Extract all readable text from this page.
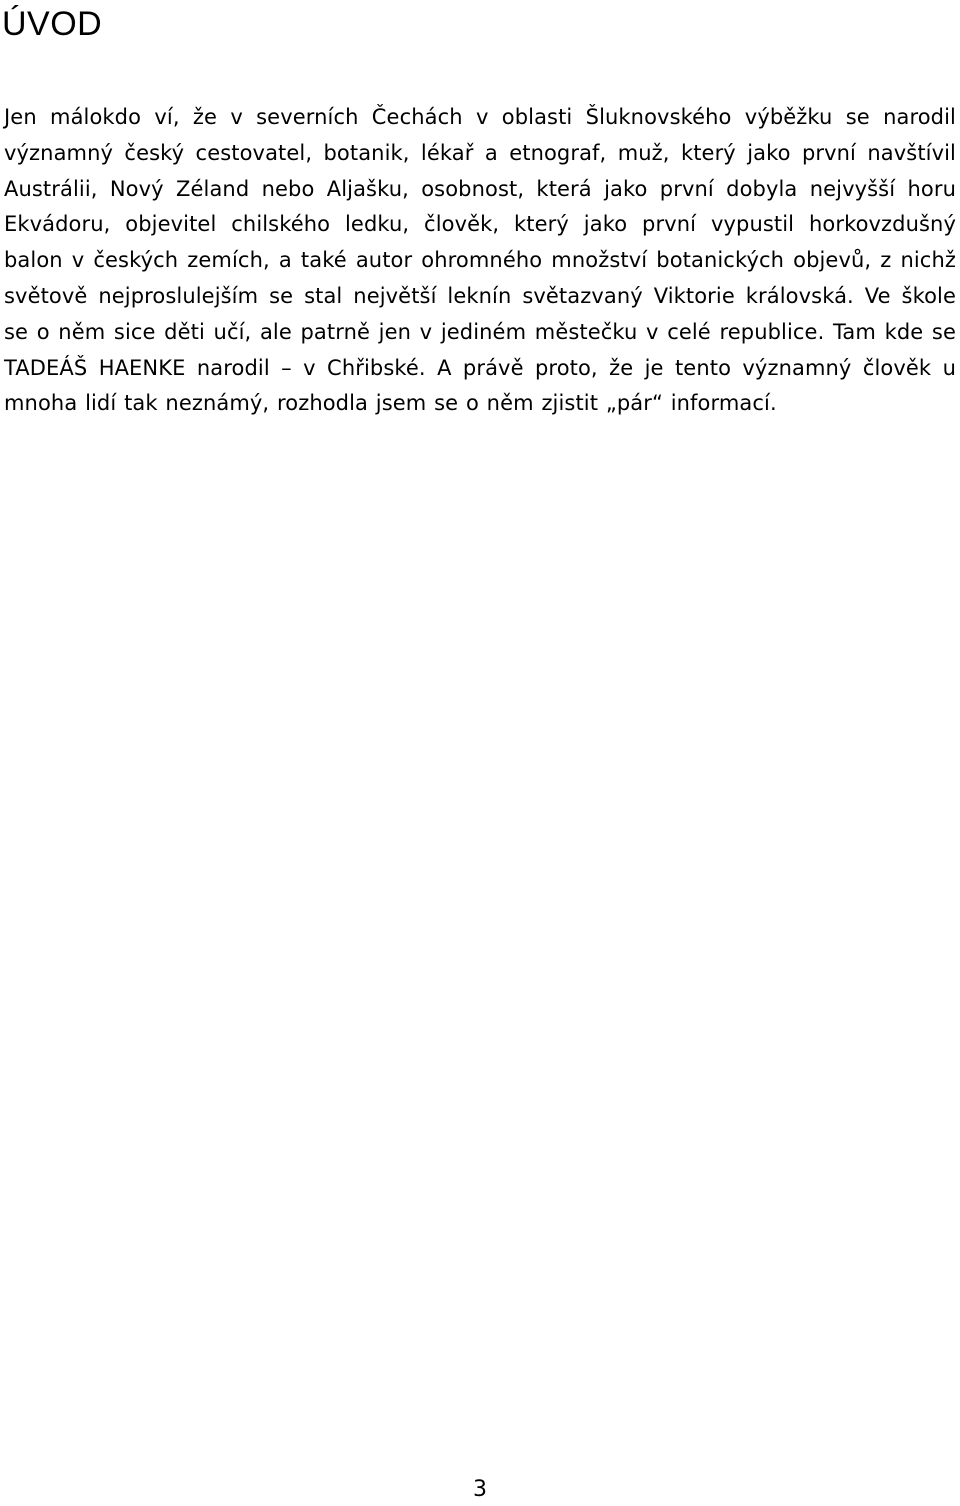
ÚVOD

Jen málokdo ví, že v severních Čechách v oblasti Šluknovského výběžku se narodil významný český cestovatel, botanik, lékař a etnograf, muž, který jako první navštívil Austrálii, Nový Zéland nebo Aljašku, osobnost, která jako první dobyla nejvyšší horu Ekvádoru, objevitel chilského ledku, člověk, který jako první vypustil horkovzdušný balon v českých zemích, a také autor ohromného množství botanických objevů, z nichž světově nejproslulejším se stal největší leknín světazvaný Viktorie královská. Ve škole se o něm sice děti učí, ale patrně jen v jediném městečku v celé republice. Tam kde se TADEÁŠ HAENKE narodil – v Chřibské. A právě proto, že je tento významný člověk u mnoha lidí tak neznámý, rozhodla jsem se o něm zjistit „pár“ informací.

3
